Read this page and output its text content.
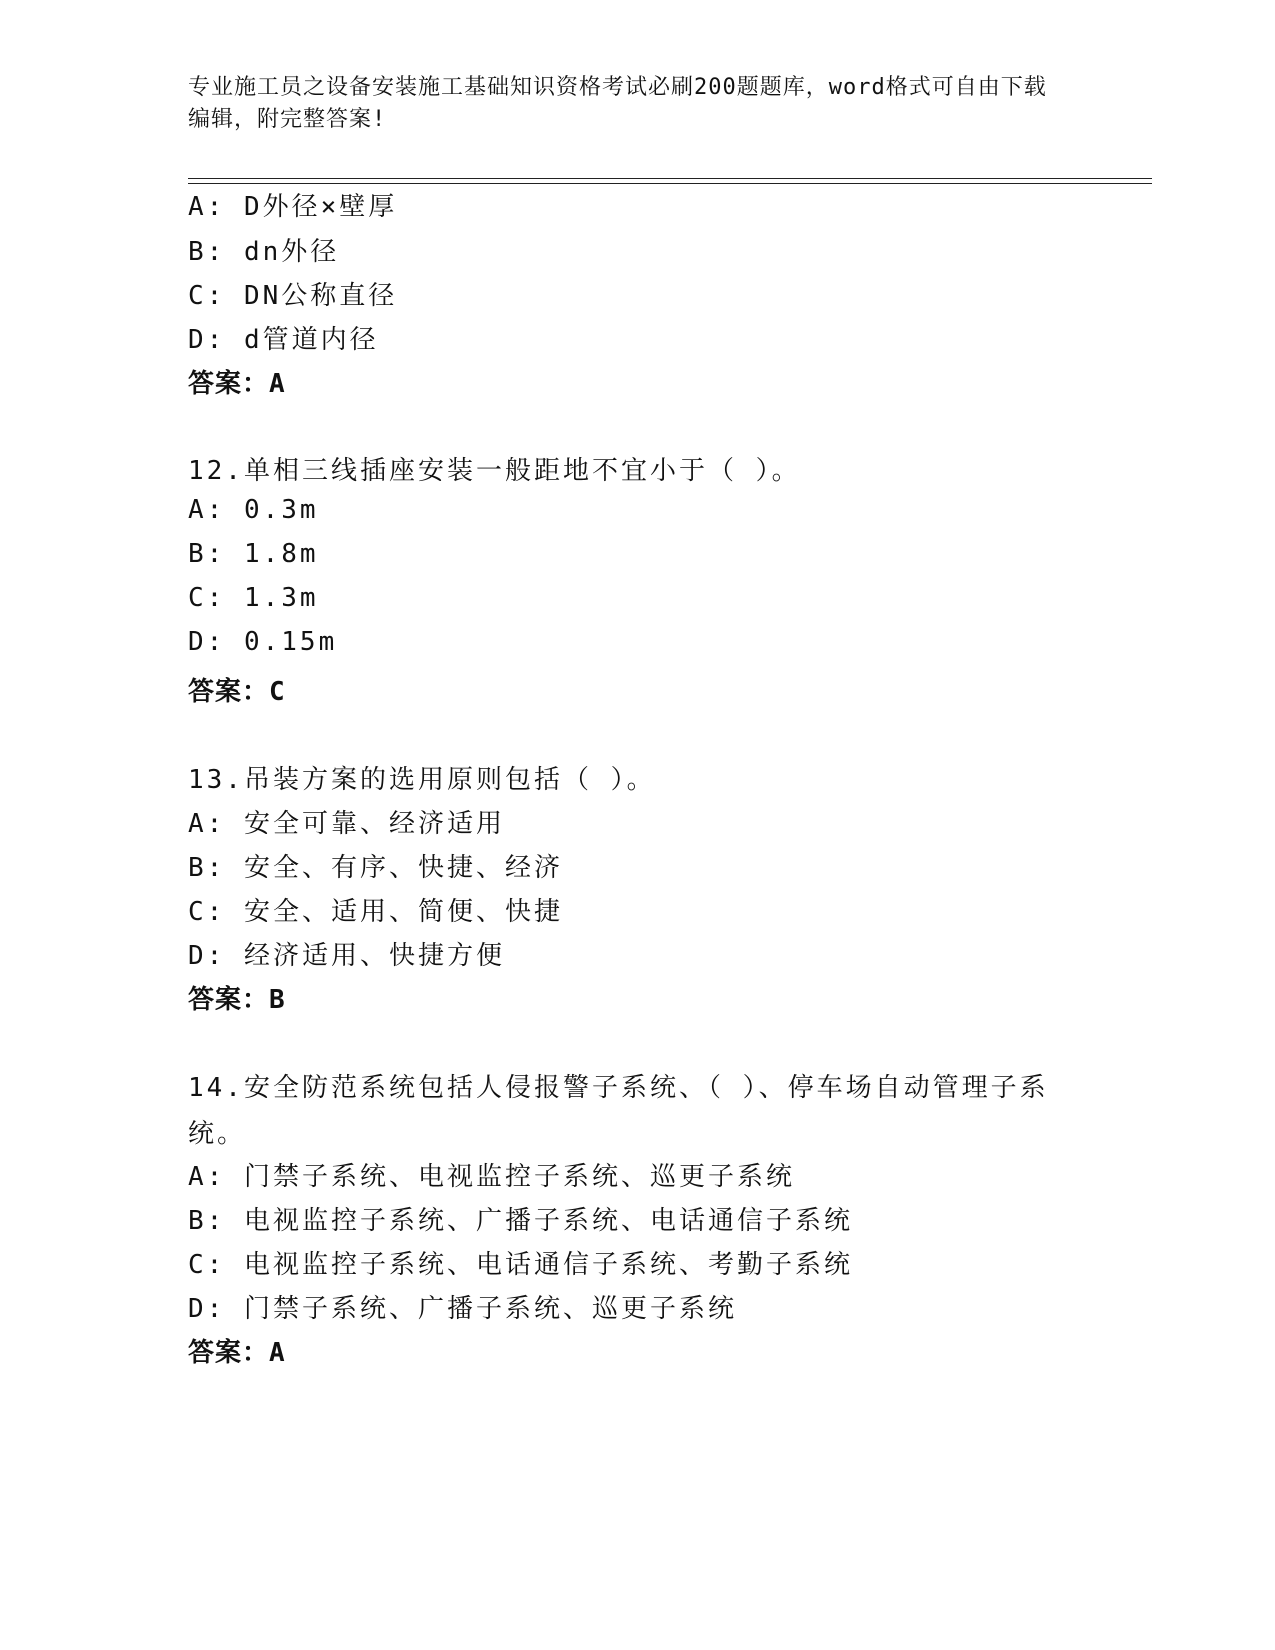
专业施工员之设备安装施工基础知识资格考试必刷200题题库，word格式可自由下载编辑，附完整答案!

A: D外径×壁厚

B: dn外径

C: DN公称直径

D: d管道内径

答案：A

12.单相三线插座安装一般距地不宜小于（ ）。

A: 0.3m

B: 1.8m

C: 1.3m

D: 0.15m

答案：C

13.吊装方案的选用原则包括（ ）。

A: 安全可靠、经济适用

B: 安全、有序、快捷、经济

C: 安全、适用、简便、快捷

D: 经济适用、快捷方便

答案：B

14.安全防范系统包括人侵报警子系统、（ ）、停车场自动管理子系统。

A: 门禁子系统、电视监控子系统、巡更子系统

B: 电视监控子系统、广播子系统、电话通信子系统

C: 电视监控子系统、电话通信子系统、考勤子系统

D: 门禁子系统、广播子系统、巡更子系统

答案：A
